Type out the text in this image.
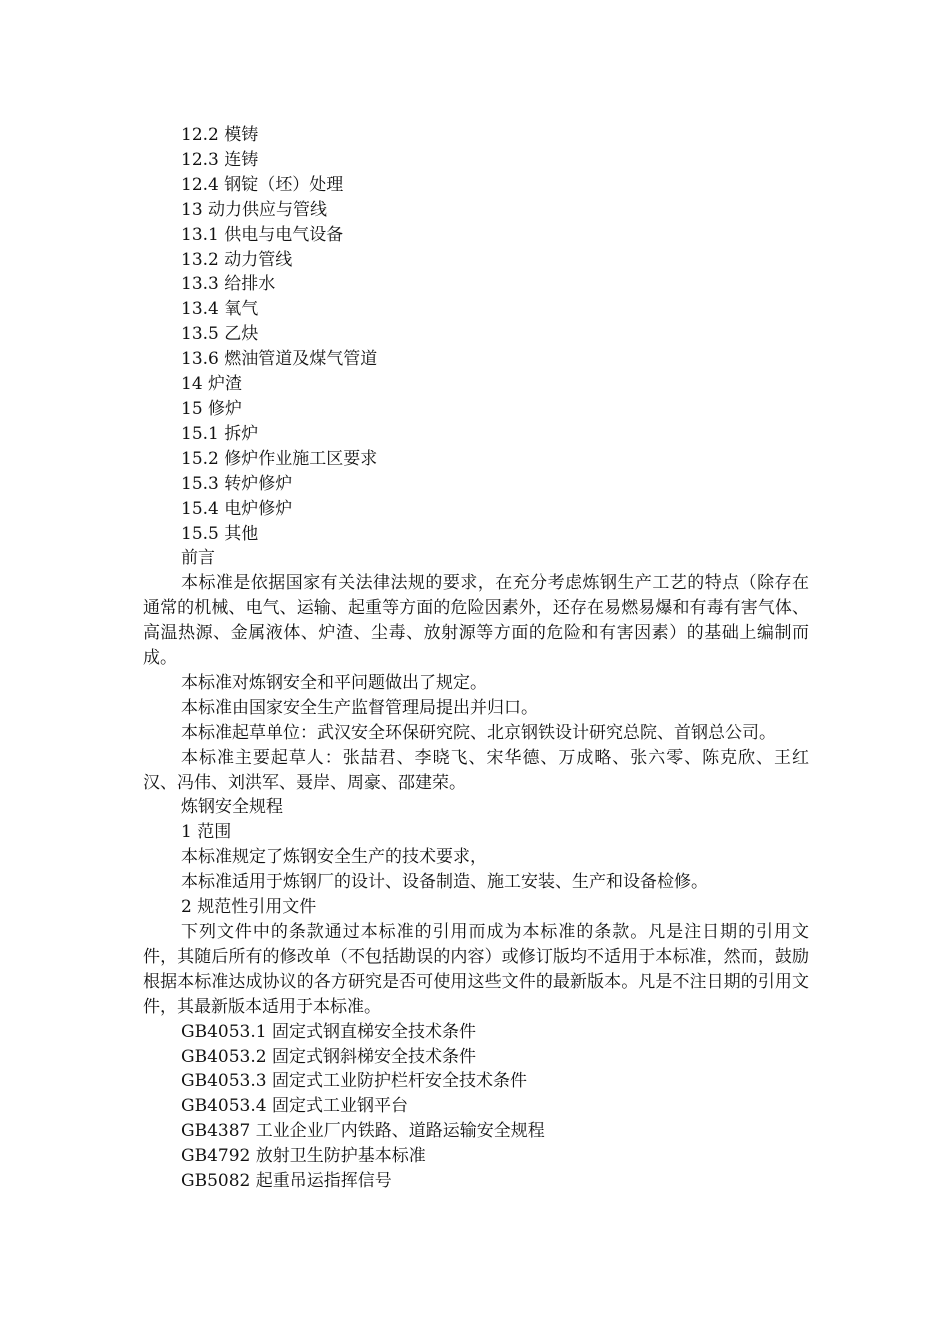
12.2 模铸
12.3 连铸
12.4 钢锭（坯）处理
13 动力供应与管线
13.1 供电与电气设备
13.2 动力管线
13.3 给排水
13.4 氧气
13.5 乙炔
13.6 燃油管道及煤气管道
14 炉渣
15 修炉
15.1 拆炉
15.2 修炉作业施工区要求
15.3 转炉修炉
15.4 电炉修炉
15.5 其他
前言
本标准是依据国家有关法律法规的要求，在充分考虑炼钢生产工艺的特点（除存在通常的机械、电气、运输、起重等方面的危险因素外，还存在易燃易爆和有毒有害气体、高温热源、金属液体、炉渣、尘毒、放射源等方面的危险和有害因素）的基础上编制而成。
本标准对炼钢安全和平问题做出了规定。
本标准由国家安全生产监督管理局提出并归口。
本标准起草单位：武汉安全环保研究院、北京钢铁设计研究总院、首钢总公司。
本标准主要起草人：张喆君、李晓飞、宋华德、万成略、张六零、陈克欣、王红汉、冯伟、刘洪军、聂岸、周豪、邵建荣。
炼钢安全规程
1 范围
本标准规定了炼钢安全生产的技术要求，
本标准适用于炼钢厂的设计、设备制造、施工安装、生产和设备检修。
2 规范性引用文件
下列文件中的条款通过本标准的引用而成为本标准的条款。凡是注日期的引用文件，其随后所有的修改单（不包括勘误的内容）或修订版均不适用于本标准，然而，鼓励根据本标准达成协议的各方研究是否可使用这些文件的最新版本。凡是不注日期的引用文件，其最新版本适用于本标准。
GB4053.1 固定式钢直梯安全技术条件
GB4053.2 固定式钢斜梯安全技术条件
GB4053.3 固定式工业防护栏杆安全技术条件
GB4053.4 固定式工业钢平台
GB4387 工业企业厂内铁路、道路运输安全规程
GB4792 放射卫生防护基本标准
GB5082 起重吊运指挥信号
